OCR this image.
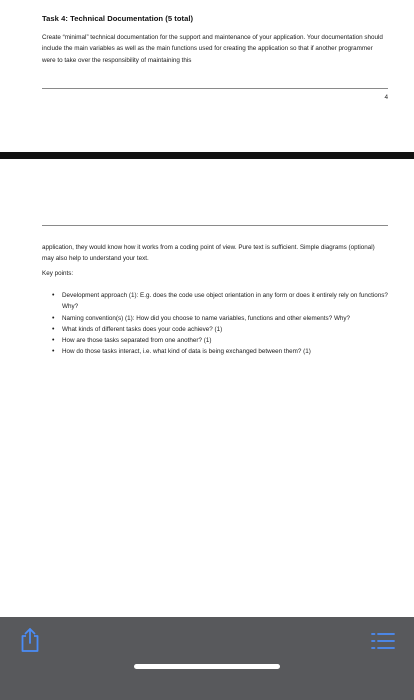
Task 4: Technical Documentation (5 total)
Create “minimal” technical documentation for the support and maintenance of your application. Your documentation should include the main variables as well as the main functions used for creating the application so that if another programmer were to take over the responsibility of maintaining this
4
application, they would know how it works from a coding point of view. Pure text is sufficient. Simple diagrams (optional) may also help to understand your text.
Key points:
• Development approach (1): E.g. does the code use object orientation in any form or does it entirely rely on functions? Why?
• Naming convention(s) (1): How did you choose to name variables, functions and other elements? Why?
• What kinds of different tasks does your code achieve? (1)
• How are those tasks separated from one another? (1)
• How do those tasks interact, i.e. what kind of data is being exchanged between them? (1)
